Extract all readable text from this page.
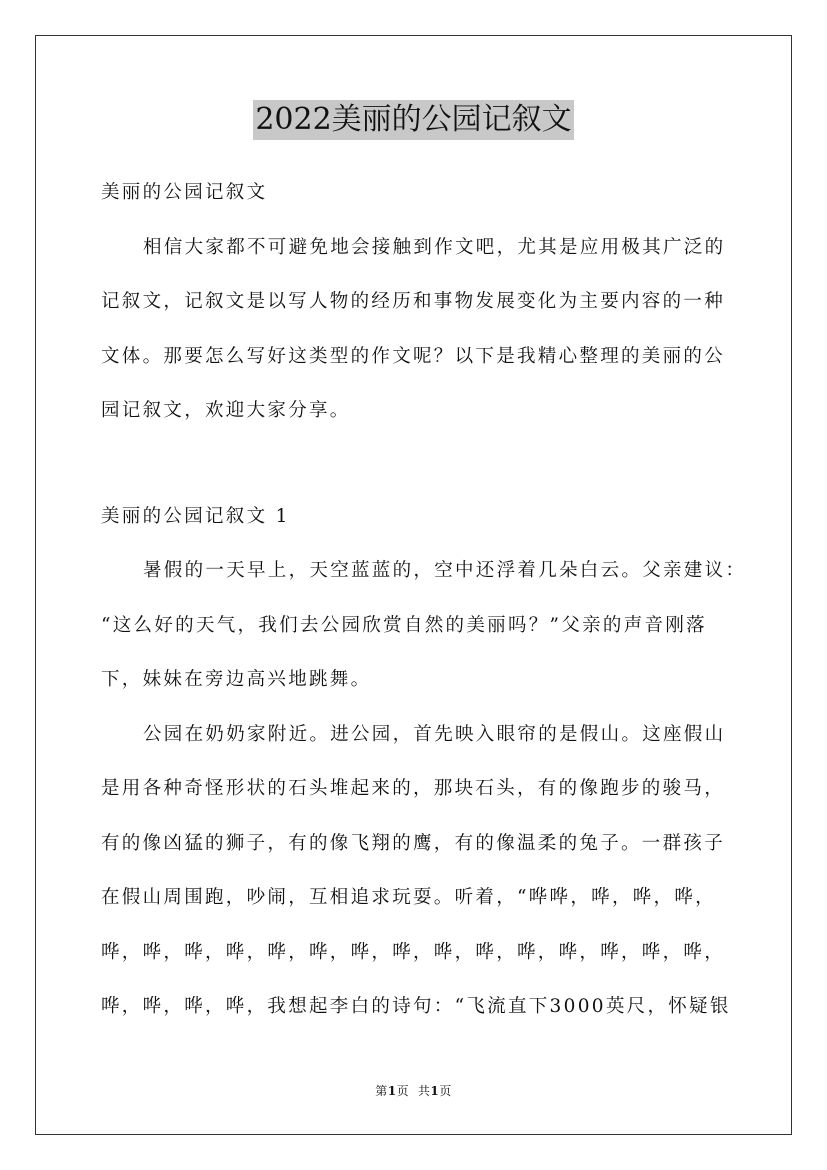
2022美丽的公园记叙文
美丽的公园记叙文
相信大家都不可避免地会接触到作文吧，尤其是应用极其广泛的
记叙文，记叙文是以写人物的经历和事物发展变化为主要内容的一种
文体。那要怎么写好这类型的作文呢？以下是我精心整理的美丽的公
园记叙文，欢迎大家分享。
美丽的公园记叙文 1
暑假的一天早上，天空蓝蓝的，空中还浮着几朵白云。父亲建议：
“这么好的天气，我们去公园欣赏自然的美丽吗？”父亲的声音刚落
下，妹妹在旁边高兴地跳舞。
公园在奶奶家附近。进公园，首先映入眼帘的是假山。这座假山
是用各种奇怪形状的石头堆起来的，那块石头，有的像跑步的骏马，
有的像凶猛的狮子，有的像飞翔的鹰，有的像温柔的兔子。一群孩子
在假山周围跑，吵闹，互相追求玩耍。听着，“哗哗，哗，哗，哗，
哗，哗，哗，哗，哗，哗，哗，哗，哗，哗，哗，哗，哗，哗，哗，
哗，哗，哗，哗，我想起李白的诗句：“飞流直下3000英尺，怀疑银
第1页 共1页
